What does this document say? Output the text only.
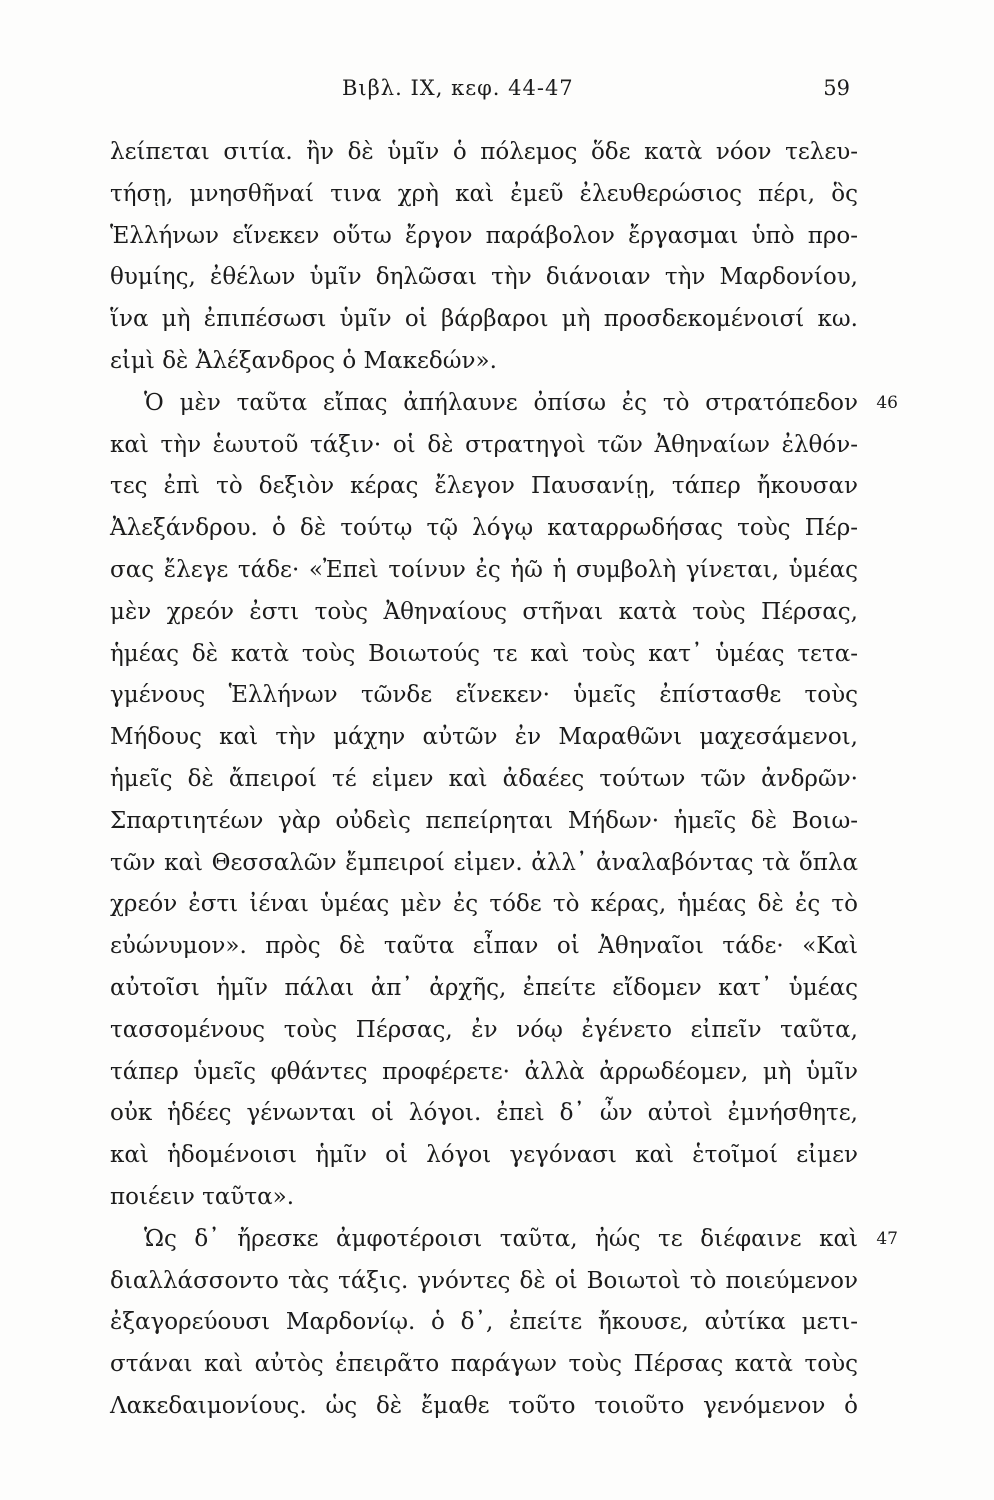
Βιβλ. IX, κεφ. 44-47	59
λείπεται σιτία. ἢν δὲ ὑμῖν ὁ πόλεμος ὅδε κατὰ νόον τελευ-
τήσῃ, μνησθῆναί τινα χρὴ καὶ ἐμεῦ ἐλευθερώσιος πέρι, ὃς
Ἑλλήνων εἵνεκεν οὕτω ἔργον παράβολον ἔργασμαι ὑπὸ προ-
θυμίης, ἐθέλων ὑμῖν δηλῶσαι τὴν διάνοιαν τὴν Μαρδονίου,
ἵνα μὴ ἐπιπέσωσι ὑμῖν οἱ βάρβαροι μὴ προσδεκομένοισί κω.
εἰμὶ δὲ Ἀλέξανδρος ὁ Μακεδών».
Ὁ μὲν ταῦτα εἴπας ἀπήλαυνε ὀπίσω ἐς τὸ στρατόπεδον 46
καὶ τὴν ἑωυτοῦ τάξιν· οἱ δὲ στρατηγοὶ τῶν Ἀθηναίων ἐλθόν-
τες ἐπὶ τὸ δεξιὸν κέρας ἔλεγον Παυσανίῃ, τάπερ ἤκουσαν
Ἀλεξάνδρου. ὁ δὲ τούτῳ τῷ λόγῳ καταρρωδήσας τοὺς Πέρ-
σας ἔλεγε τάδε· «Ἐπεὶ τοίνυν ἐς ἠῶ ἡ συμβολὴ γίνεται, ὑμέας
μὲν χρεόν ἐστι τοὺς Ἀθηναίους στῆναι κατὰ τοὺς Πέρσας,
ἡμέας δὲ κατὰ τοὺς Βοιωτούς τε καὶ τοὺς κατ᾽ ὑμέας τετα-
γμένους Ἑλλήνων τῶνδε εἵνεκεν· ὑμεῖς ἐπίστασθε τοὺς
Μήδους καὶ τὴν μάχην αὐτῶν ἐν Μαραθῶνι μαχεσάμενοι,
ἡμεῖς δὲ ἄπειροί τέ εἰμεν καὶ ἀδαέες τούτων τῶν ἀνδρῶν·
Σπαρτιητέων γὰρ οὐδεὶς πεπείρηται Μήδων· ἡμεῖς δὲ Βοιω-
τῶν καὶ Θεσσαλῶν ἔμπειροί εἰμεν. ἀλλ᾽ ἀναλαβόντας τὰ ὅπλα
χρεόν ἐστι ἰέναι ὑμέας μὲν ἐς τόδε τὸ κέρας, ἡμέας δὲ ἐς τὸ
εὐώνυμον». πρὸς δὲ ταῦτα εἶπαν οἱ Ἀθηναῖοι τάδε· «Καὶ
αὐτοῖσι ἡμῖν πάλαι ἀπ᾽ ἀρχῆς, ἐπείτε εἴδομεν κατ᾽ ὑμέας
τασσομένους τοὺς Πέρσας, ἐν νόῳ ἐγένετο εἰπεῖν ταῦτα,
τάπερ ὑμεῖς φθάντες προφέρετε· ἀλλὰ ἀρρωδέομεν, μὴ ὑμῖν
οὐκ ἡδέες γένωνται οἱ λόγοι. ἐπεὶ δ᾽ ὦν αὐτοὶ ἐμνήσθητε,
καὶ ἡδομένοισι ἡμῖν οἱ λόγοι γεγόνασι καὶ ἑτοῖμοί εἰμεν
ποιέειν ταῦτα».
Ὡς δ᾽ ἤρεσκε ἀμφοτέροισι ταῦτα, ἠώς τε διέφαινε καὶ 47
διαλλάσσοντο τὰς τάξις. γνόντες δὲ οἱ Βοιωτοὶ τὸ ποιεύμενον
ἐξαγορεύουσι Μαρδονίῳ. ὁ δ᾽, ἐπείτε ἤκουσε, αὐτίκα μετι-
στάναι καὶ αὐτὸς ἐπειρᾶτο παράγων τοὺς Πέρσας κατὰ τοὺς
Λακεδαιμονίους. ὡς δὲ ἔμαθε τοῦτο τοιοῦτο γενόμενον ὁ
